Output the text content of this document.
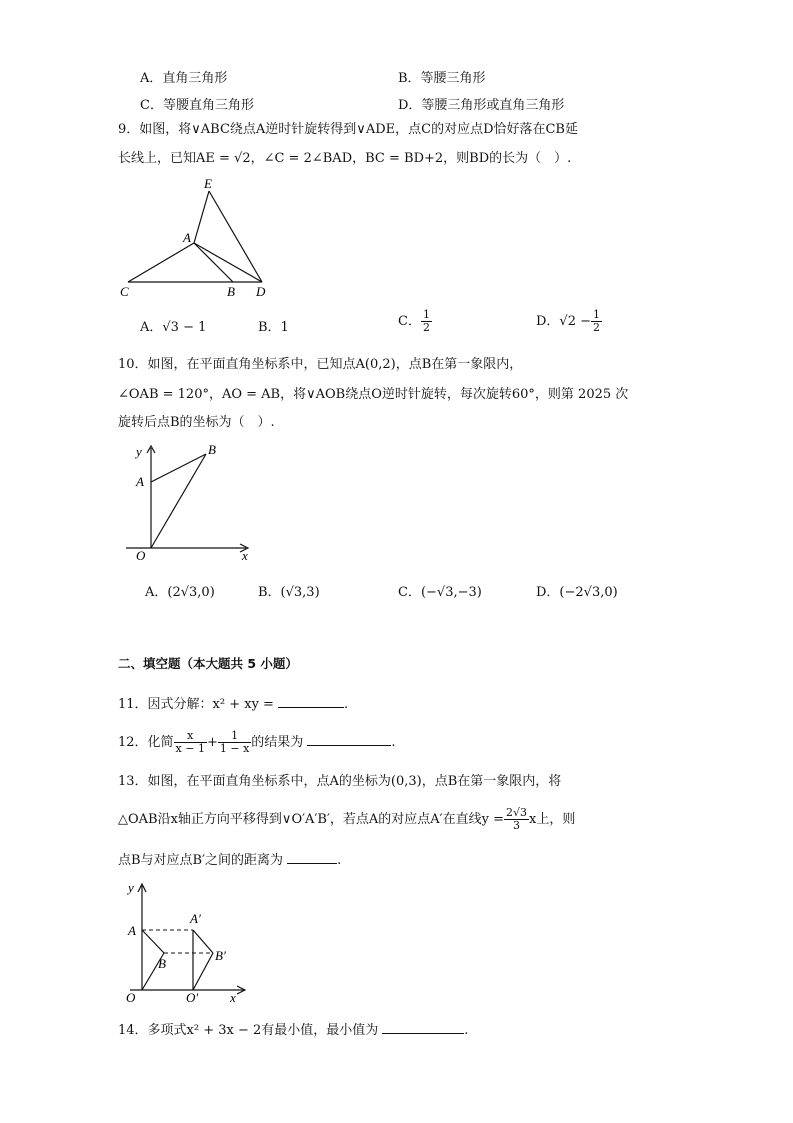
A．直角三角形	B．等腰三角形
C．等腰直角三角形	D．等腰三角形或直角三角形
9．如图，将∨ABC绕点A逆时针旋转得到∨ADE，点C的对应点D恰好落在CB延
长线上，已知AE = √2，∠C = 2∠BAD，BC = BD+2，则BD的长为（　）.
E
A
C	B D
A．√3 − 1	B．1	C． $\frac{1}{2}$	D．$√2 - \frac{1}{2}$
10．如图，在平面直角坐标系中，已知点A(0,2)，点B在第一象限内，
∠OAB = 120°，AO = AB，将∨AOB绕点O逆时针旋转，每次旋转60°，则第 2025 次
旋转后点B的坐标为（　）.
y	B
A
O	x
A．(2√3,0)	B．(√3,3)	C．(−√3,−3)	D．(−2√3,0)
二、填空题（本大题共 5 小题）
11．因式分解：x² + xy =	.
12．化简 $\frac{x}{x - 1} + \frac{1}{1 - x}$ 的结果为	.
13．如图，在平面直角坐标系中，点A的坐标为(0,3)，点B在第一象限内，将
△OAB沿x轴正方向平移得到∨O′A′B′，若点A的对应点A′在直线$y = \frac{2√3}{3}$ x上，则
点B与对应点B′之间的距离为	.
y
A
A′
B′
B
O	O′ x
14．多项式x² + 3x − 2有最小值，最小值为	.
